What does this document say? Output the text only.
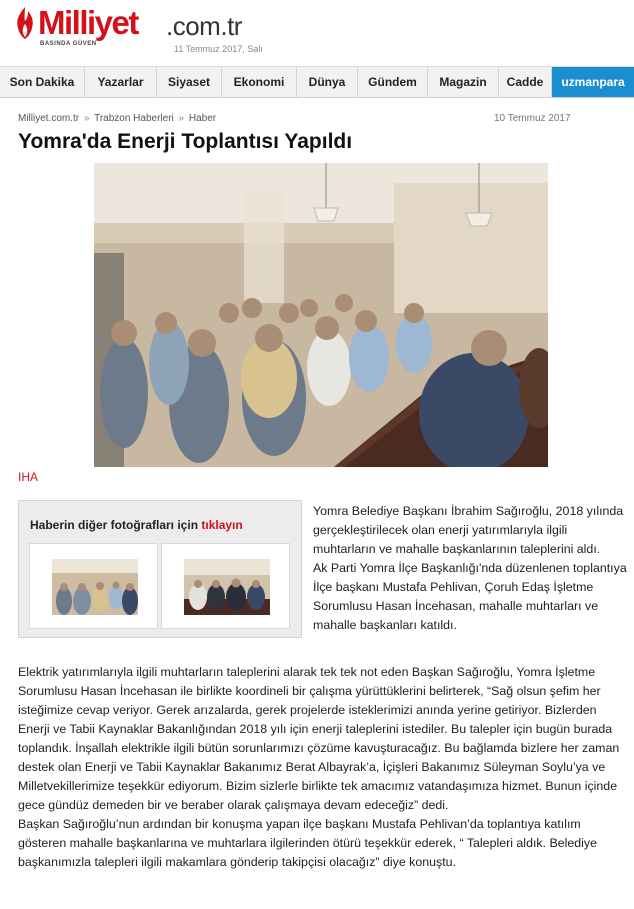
Milliyet .com.tr
BASINDA GÜVEN	11 Temmuz 2017, Salı
Son Dakika	Yazarlar	Siyaset	Ekonomi	Dünya	Gündem	Magazin	Cadde	uzmanpara
Milliyet.com.tr » Trabzon Haberleri » Haber	10 Temmuz 2017
Yomra'da Enerji Toplantısı Yapıldı
IHA
Haberin diğer fotoğrafları için tıklayın

Yomra Belediye Başkanı İbrahim Sağıroğlu, 2018 yılında gerçekleştirilecek olan enerji yatırımlarıyla ilgili muhtarların ve mahalle başkanlarının taleplerini aldı.

Ak Parti Yomra İlçe Başkanlığı'nda düzenlenen toplantıya İlçe başkanı Mustafa Pehlivan, Çoruh Edaş İşletme Sorumlusu Hasan İncehasan, mahalle muhtarları ve mahalle başkanları katıldı.

Elektrik yatırımlarıyla ilgili muhtarların taleplerini alarak tek tek not eden Başkan Sağıroğlu, Yomra İşletme Sorumlusu Hasan İncehasan ile birlikte koordineli bir çalışma yürüttüklerini belirterek, “Sağ olsun şefim her isteğimize cevap veriyor. Gerek arızalarda, gerek projelerde isteklerimizi anında yerine getiriyor. Bizlerden Enerji ve Tabii Kaynaklar Bakanlığından 2018 yılı için enerji taleplerini istediler. Bu talepler için bugün burada toplandık. İnşallah elektrikle ilgili bütün sorunlarımızı çözüme kavuşturacağız. Bu bağlamda bizlere her zaman destek olan Enerji ve Tabii Kaynaklar Bakanımız Berat Albayrak’a, İçişleri Bakanımız Süleyman Soylu’ya ve Milletvekillerimize teşekkür ediyorum. Bizim sizlerle birlikte tek amacımız vatandaşımıza hizmet. Bunun içinde gece gündüz demeden bir ve beraber olarak çalışmaya devam edeceğiz” dedi.

Başkan Sağıroğlu’nun ardından bir konuşma yapan ilçe başkanı Mustafa Pehlivan’da toplantıya katılım gösteren mahalle başkanlarına ve muhtarlara ilgilerinden ötürü teşekkür ederek, “ Talepleri aldık. Belediye başkanımızla talepleri ilgili makamlara gönderip takipçisi olacağız” diye konuştu.
